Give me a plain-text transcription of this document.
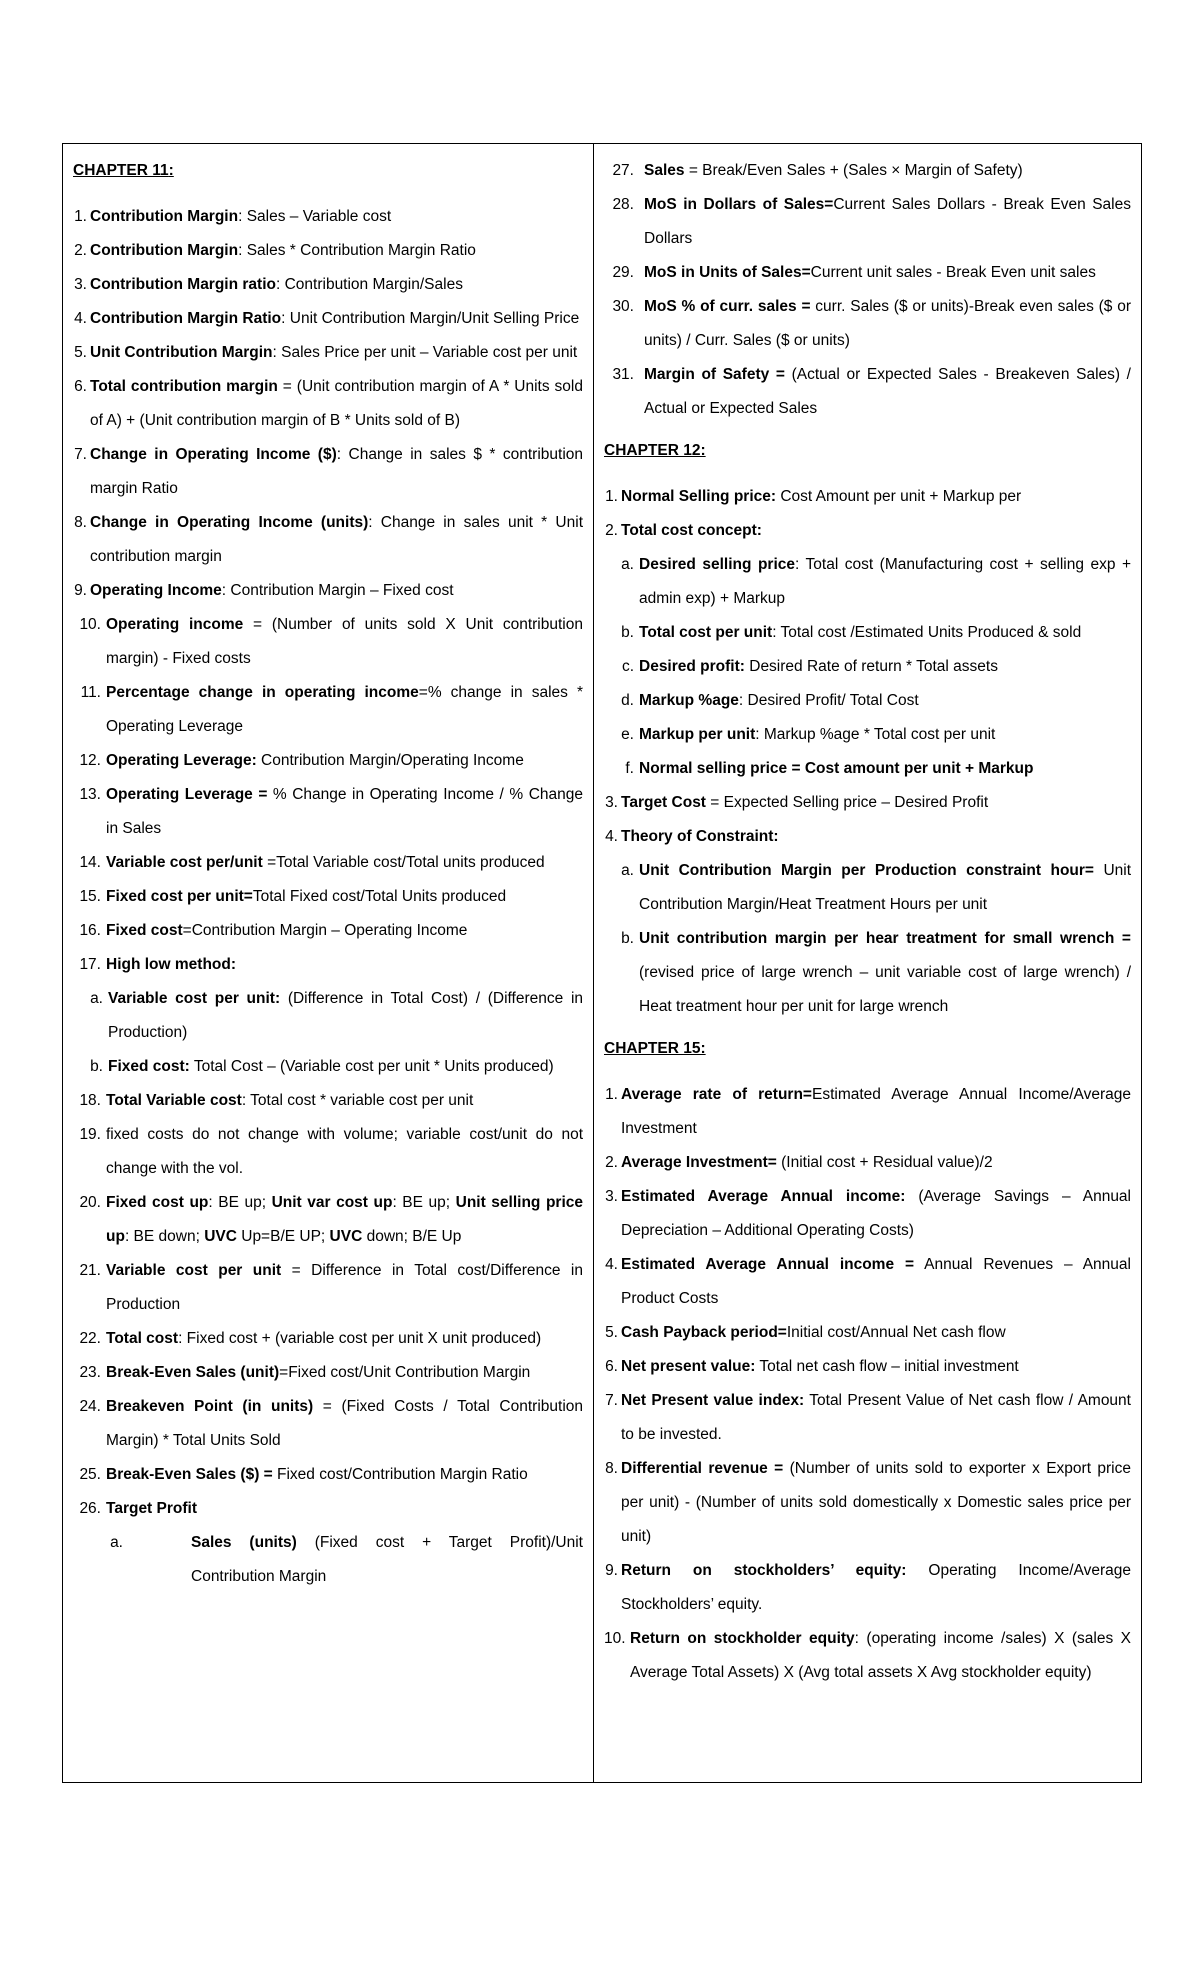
CHAPTER 11:
1. Contribution Margin: Sales – Variable cost
2. Contribution Margin: Sales * Contribution Margin Ratio
3. Contribution Margin ratio: Contribution Margin/Sales
4. Contribution Margin Ratio: Unit Contribution Margin/Unit Selling Price
5. Unit Contribution Margin: Sales Price per unit – Variable cost per unit
6. Total contribution margin = (Unit contribution margin of A * Units sold of A) + (Unit contribution margin of B * Units sold of B)
7. Change in Operating Income ($): Change in sales $ * contribution margin Ratio
8. Change in Operating Income (units): Change in sales unit * Unit contribution margin
9. Operating Income: Contribution Margin – Fixed cost
10. Operating income = (Number of units sold X Unit contribution margin) - Fixed costs
11. Percentage change in operating income=% change in sales * Operating Leverage
12. Operating Leverage: Contribution Margin/Operating Income
13. Operating Leverage = % Change in Operating Income / % Change in Sales
14. Variable cost per/unit =Total Variable cost/Total units produced
15. Fixed cost per unit=Total Fixed cost/Total Units produced
16. Fixed cost=Contribution Margin – Operating Income
17. High low method:
a. Variable cost per unit: (Difference in Total Cost) / (Difference in Production)
b. Fixed cost: Total Cost – (Variable cost per unit * Units produced)
18. Total Variable cost: Total cost * variable cost per unit
19. fixed costs do not change with volume; variable cost/unit do not change with the vol.
20. Fixed cost up: BE up; Unit var cost up: BE up; Unit selling price up: BE down; UVC Up=B/E UP; UVC down; B/E Up
21. Variable cost per unit = Difference in Total cost/Difference in Production
22. Total cost: Fixed cost + (variable cost per unit X unit produced)
23. Break-Even Sales (unit)=Fixed cost/Unit Contribution Margin
24. Breakeven Point (in units) = (Fixed Costs / Total Contribution Margin) * Total Units Sold
25. Break-Even Sales ($) = Fixed cost/Contribution Margin Ratio
26. Target Profit
a.	Sales (units) (Fixed cost + Target Profit)/Unit Contribution Margin
27. Sales = Break/Even Sales + (Sales × Margin of Safety)
28. MoS in Dollars of Sales=Current Sales Dollars - Break Even Sales Dollars
29. MoS in Units of Sales=Current unit sales - Break Even unit sales
30. MoS % of curr. sales = curr. Sales ($ or units)-Break even sales ($ or units) / Curr. Sales ($ or units)
31. Margin of Safety = (Actual or Expected Sales - Breakeven Sales) / Actual or Expected Sales
CHAPTER 12:
1. Normal Selling price: Cost Amount per unit + Markup per
2. Total cost concept:
a. Desired selling price: Total cost (Manufacturing cost + selling exp + admin exp) + Markup
b. Total cost per unit: Total cost /Estimated Units Produced & sold
c. Desired profit: Desired Rate of return * Total assets
d. Markup %age: Desired Profit/ Total Cost
e. Markup per unit: Markup %age * Total cost per unit
f. Normal selling price = Cost amount per unit + Markup
3. Target Cost = Expected Selling price – Desired Profit
4. Theory of Constraint:
a. Unit Contribution Margin per Production constraint hour= Unit Contribution Margin/Heat Treatment Hours per unit
b. Unit contribution margin per hear treatment for small wrench = (revised price of large wrench – unit variable cost of large wrench) / Heat treatment hour per unit for large wrench
CHAPTER 15:
1. Average rate of return=Estimated Average Annual Income/Average Investment
2. Average Investment= (Initial cost + Residual value)/2
3. Estimated Average Annual income: (Average Savings – Annual Depreciation – Additional Operating Costs)
4. Estimated Average Annual income = Annual Revenues – Annual Product Costs
5. Cash Payback period=Initial cost/Annual Net cash flow
6. Net present value: Total net cash flow – initial investment
7. Net Present value index: Total Present Value of Net cash flow / Amount to be invested.
8. Differential revenue = (Number of units sold to exporter x Export price per unit) - (Number of units sold domestically x Domestic sales price per unit)
9. Return on stockholders’ equity: Operating Income/Average Stockholders’ equity.
10. Return on stockholder equity: (operating income /sales) X (sales X Average Total Assets) X (Avg total assets X Avg stockholder equity)
